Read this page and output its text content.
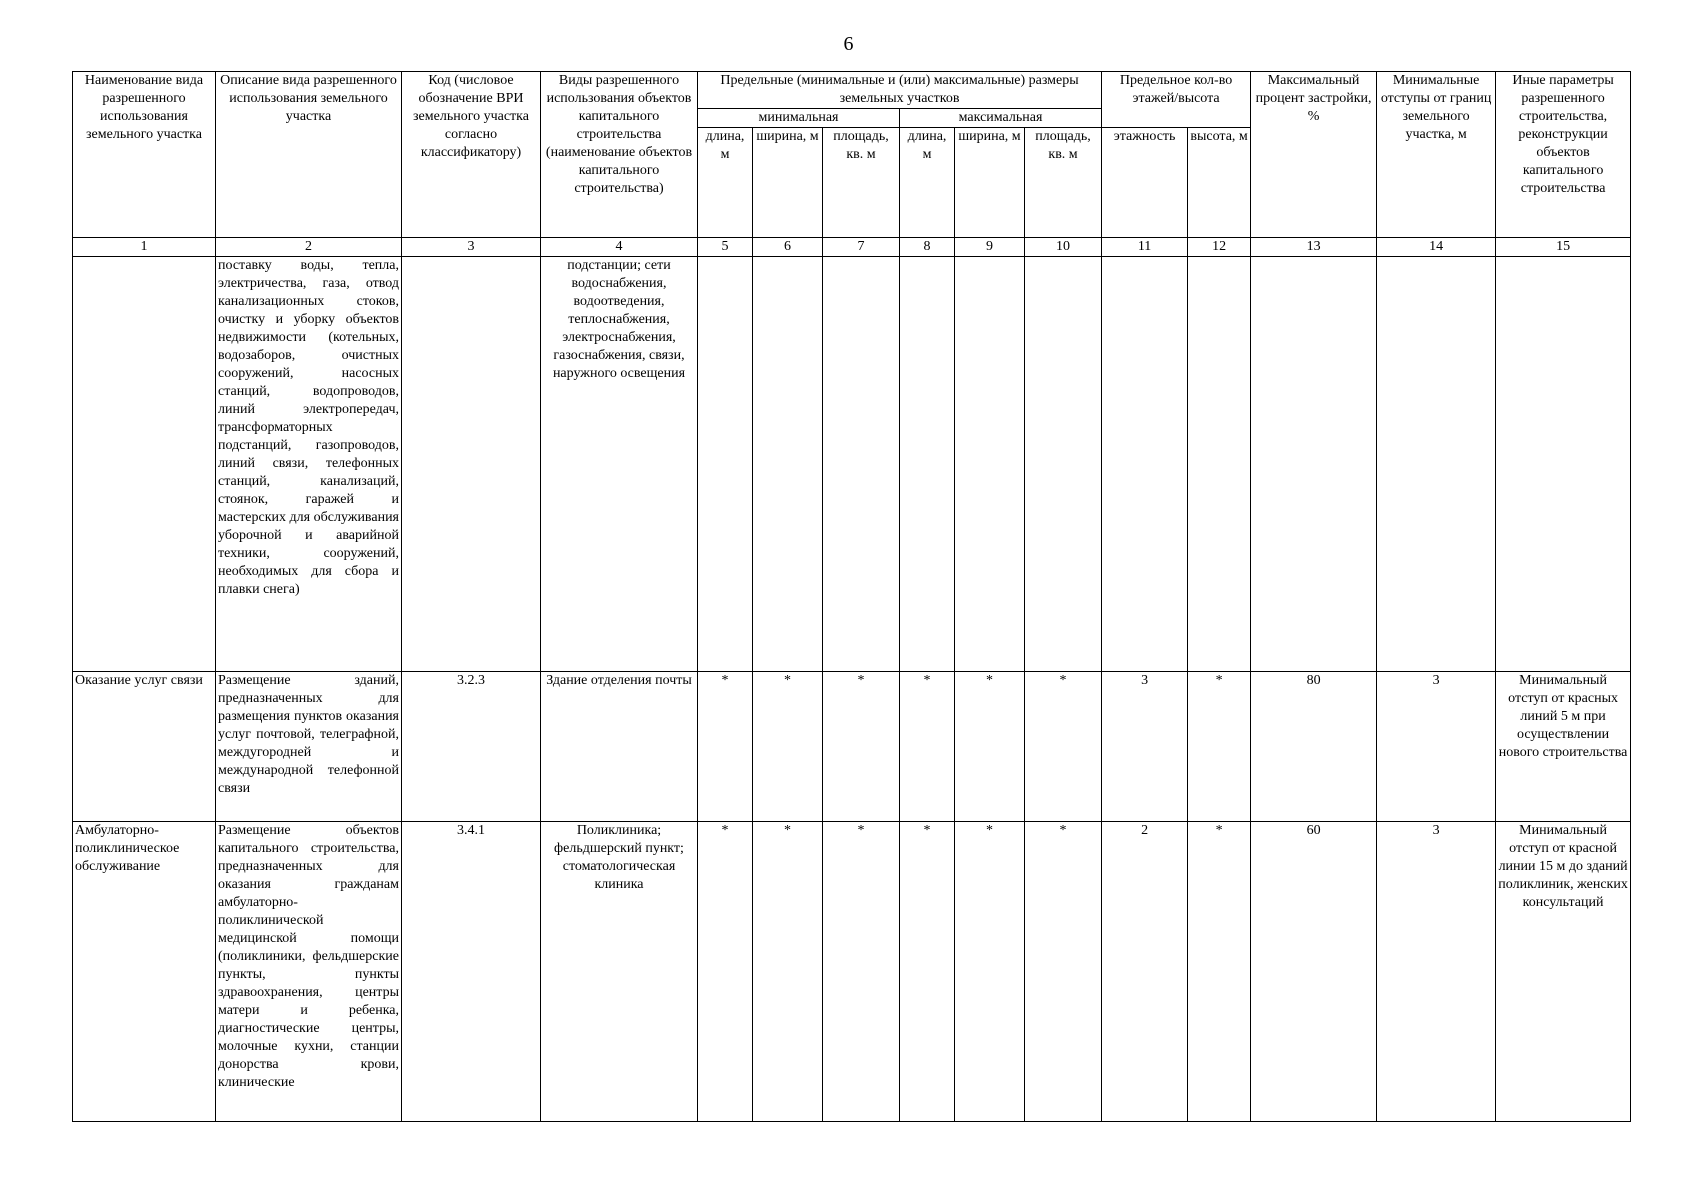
6
Наименование вида разрешенного использования земельного участка	Описание вида разрешенного использования земельного участка	Код (числовое обозначение ВРИ земельного участка согласно классификатору)	Виды разрешенного использования объектов капитального строительства (наименование объектов капитального строительства)	Предельные (минимальные и (или) максимальные) размеры земельных участков						Предельное кол-во этажей/высота		Максимальный процент застройки, %	Минимальные отступы от границ земельного участка, м	Иные параметры разрешенного строительства, реконструкции объектов капитального строительства
				минимальная			максимальная							
				длина, м	ширина, м	площадь, кв. м	длина, м	ширина, м	площадь, кв. м	этажность	высота, м			
1	2	3	4	5	6	7	8	9	10	11	12	13	14	15
	поставку воды, тепла, электричества, газа, отвод канализационных стоков, очистку и уборку объектов недвижимости (котельных, водозаборов, очистных сооружений, насосных станций, водопроводов, линий электропередач, трансформаторных подстанций, газопроводов, линий связи, телефонных станций, канализаций, стоянок, гаражей и мастерских для обслуживания уборочной и аварийной техники, сооружений, необходимых для сбора и плавки снега)		подстанции; сети водоснабжения, водоотведения, теплоснабжения, электроснабжения, газоснабжения, связи, наружного освещения											
Оказание услуг связи	Размещение зданий, предназначенных для размещения пунктов оказания услуг почтовой, телеграфной, междугородней и международной телефонной связи	3.2.3	Здание отделения почты	*	*	*	*	*	*	3	*	80	3	Минимальный отступ от красных линий 5 м при осуществлении нового строительства
Амбулаторно-поликлиническое обслуживание	Размещение объектов капитального строительства, предназначенных для оказания гражданам амбулаторно-поликлинической медицинской помощи (поликлиники, фельдшерские пункты, пункты здравоохранения, центры матери и ребенка, диагностические центры, молочные кухни, станции донорства крови, клинические	3.4.1	Поликлиника; фельдшерский пункт; стоматологическая клиника	*	*	*	*	*	*	2	*	60	3	Минимальный отступ от красной линии 15 м до зданий поликлиник, женских консультаций
